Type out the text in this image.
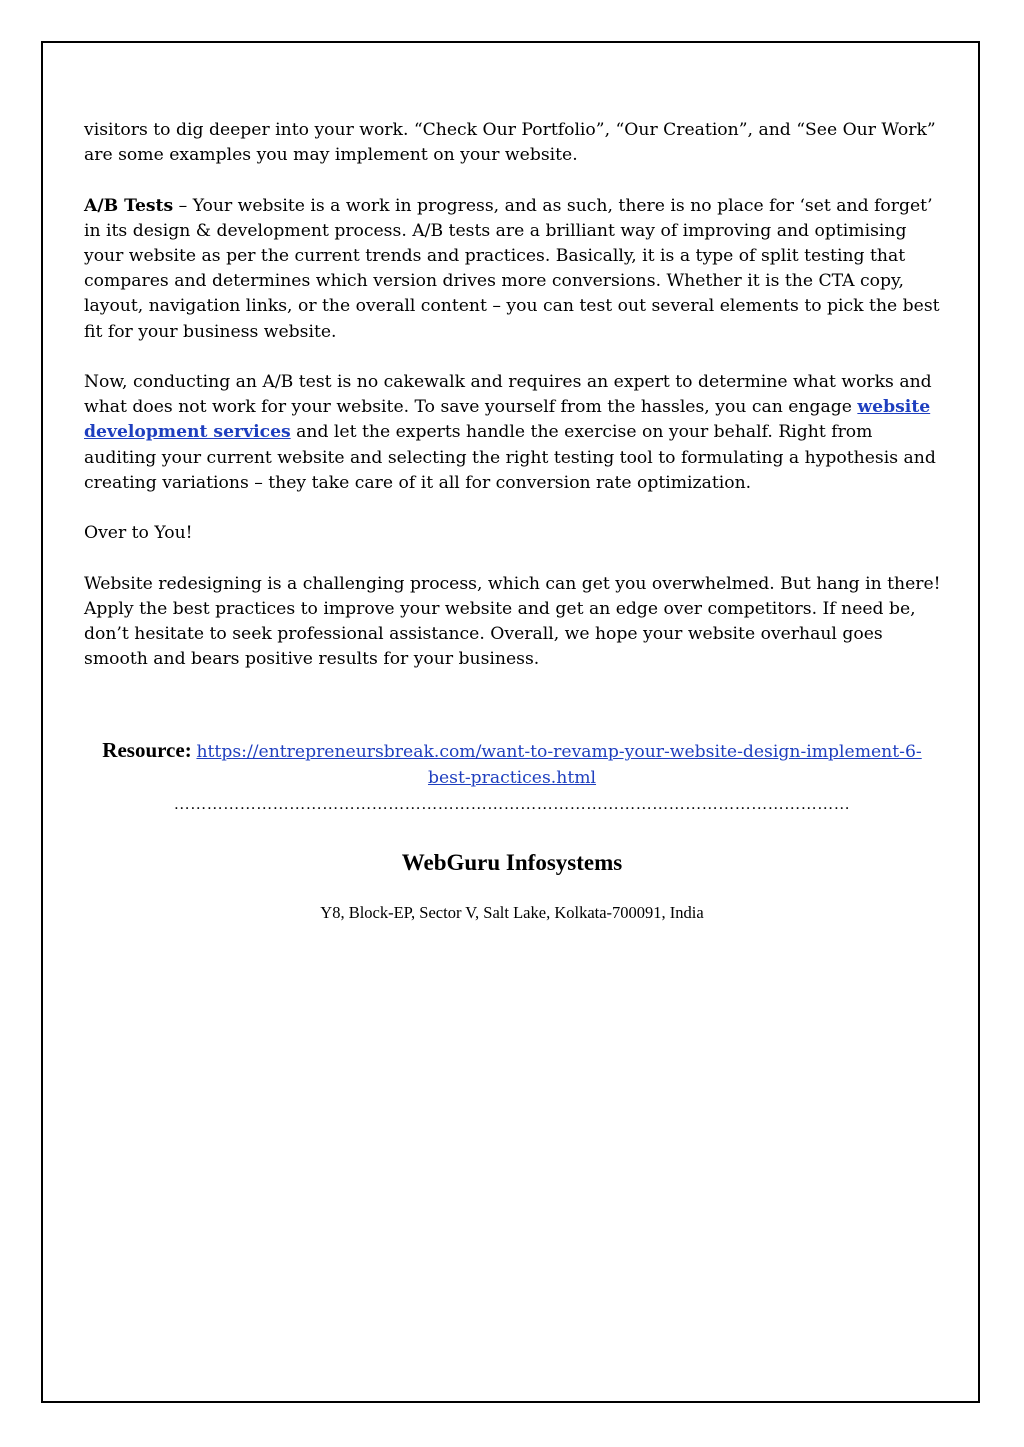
visitors to dig deeper into your work. “Check Our Portfolio”, “Our Creation”, and “See Our Work” are some examples you may implement on your website.

A/B Tests – Your website is a work in progress, and as such, there is no place for ‘set and forget’ in its design & development process. A/B tests are a brilliant way of improving and optimising your website as per the current trends and practices. Basically, it is a type of split testing that compares and determines which version drives more conversions. Whether it is the CTA copy, layout, navigation links, or the overall content – you can test out several elements to pick the best fit for your business website.

Now, conducting an A/B test is no cakewalk and requires an expert to determine what works and what does not work for your website. To save yourself from the hassles, you can engage website development services and let the experts handle the exercise on your behalf. Right from auditing your current website and selecting the right testing tool to formulating a hypothesis and creating variations – they take care of it all for conversion rate optimization.

Over to You!

Website redesigning is a challenging process, which can get you overwhelmed. But hang in there! Apply the best practices to improve your website and get an edge over competitors. If need be, don’t hesitate to seek professional assistance. Overall, we hope your website overhaul goes smooth and bears positive results for your business.

Resource: https://entrepreneursbreak.com/want-to-revamp-your-website-design-implement-6-best-practices.html
……………………………………………………………………………………………………………
WebGuru Infosystems
Y8, Block-EP, Sector V, Salt Lake, Kolkata-700091, India
